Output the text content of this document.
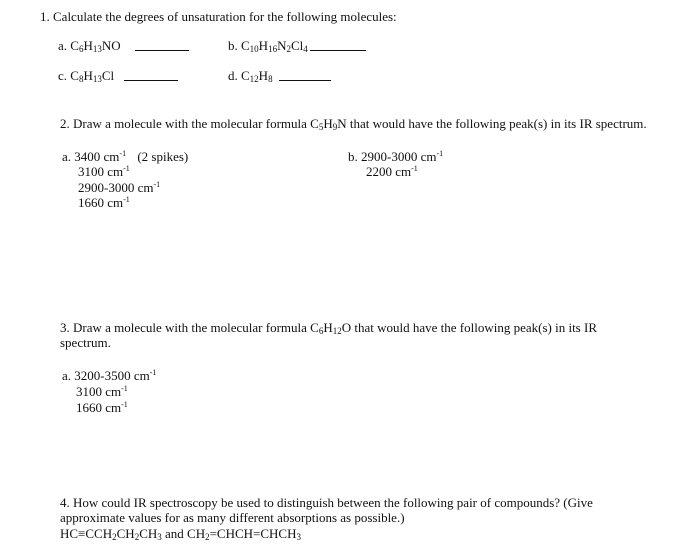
1. Calculate the degrees of unsaturation for the following molecules:
a. $C_6H_{13}NO$	b. $C_{10}H_{16}N_2Cl_4$
c. $C_8H_{13}Cl$	d. $C_{12}H_8$
2. Draw a molecule with the molecular formula $C_5H_9N$ that would have the following peak(s) in its IR spectrum.
a. 3400 $cm^{-1}$ (2 spikes)
3100 $cm^{-1}$
2900-3000 $cm^{-1}$
1660 $cm^{-1}$
b. 2900-3000 $cm^{-1}$
2200 $cm^{-1}$
3. Draw a molecule with the molecular formula $C_6H_{12}O$ that would have the following peak(s) in its IR spectrum.
a. 3200-3500 $cm^{-1}$
3100 $cm^{-1}$
1660 $cm^{-1}$
4. How could IR spectroscopy be used to distinguish between the following pair of compounds? (Give approximate values for as many different absorptions as possible.)
$HC\equiv CCH_2CH_2CH_3$ and $CH_2=CHCH=CHCH_3$
